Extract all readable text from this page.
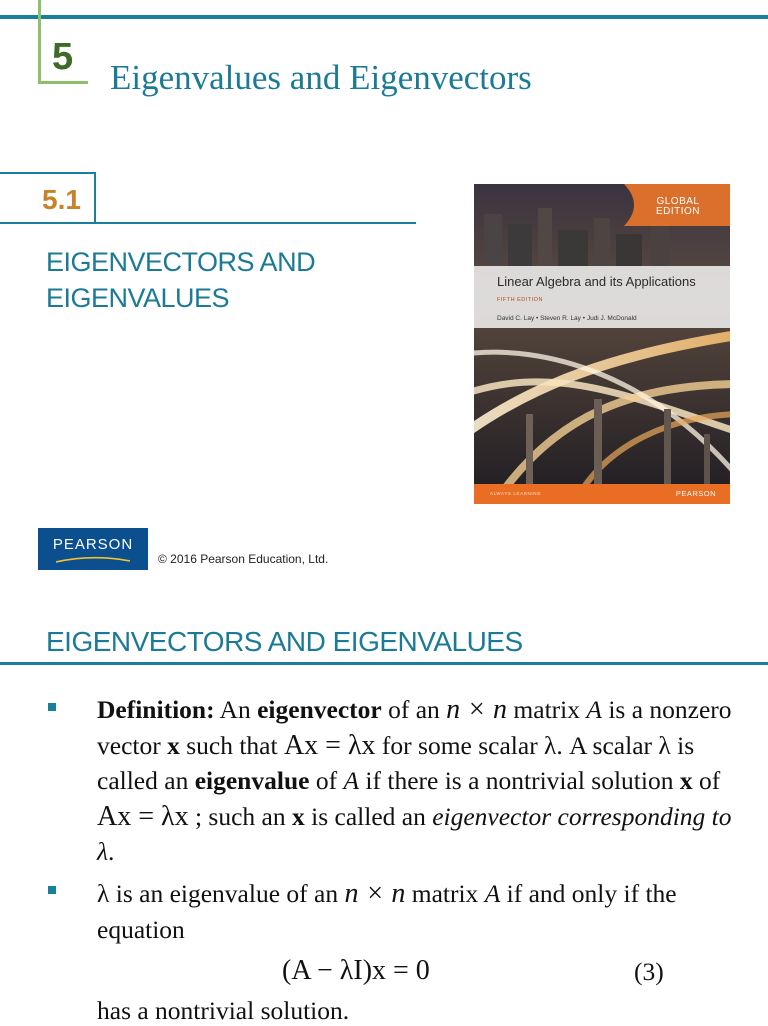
5 Eigenvalues and Eigenvectors
5.1
EIGENVECTORS AND
EIGENVALUES
GLOBAL
EDITION
Linear Algebra and its Applications
FIFTH EDITION
David C. Lay • Steven R. Lay • Judi J. McDonald
ALWAYS LEARNING	PEARSON
PEARSON
© 2016 Pearson Education, Ltd.
EIGENVECTORS AND EIGENVALUES
Definition: An eigenvector of an n × n matrix A is a nonzero vector x such that Ax = λx for some scalar λ. A scalar λ is called an eigenvalue of A if there is a nontrivial solution x of Ax = λx ; such an x is called an eigenvector corresponding to λ.
λ is an eigenvalue of an n × n matrix A if and only if the equation
(A − λI)x = 0	(3)
has a nontrivial solution.
